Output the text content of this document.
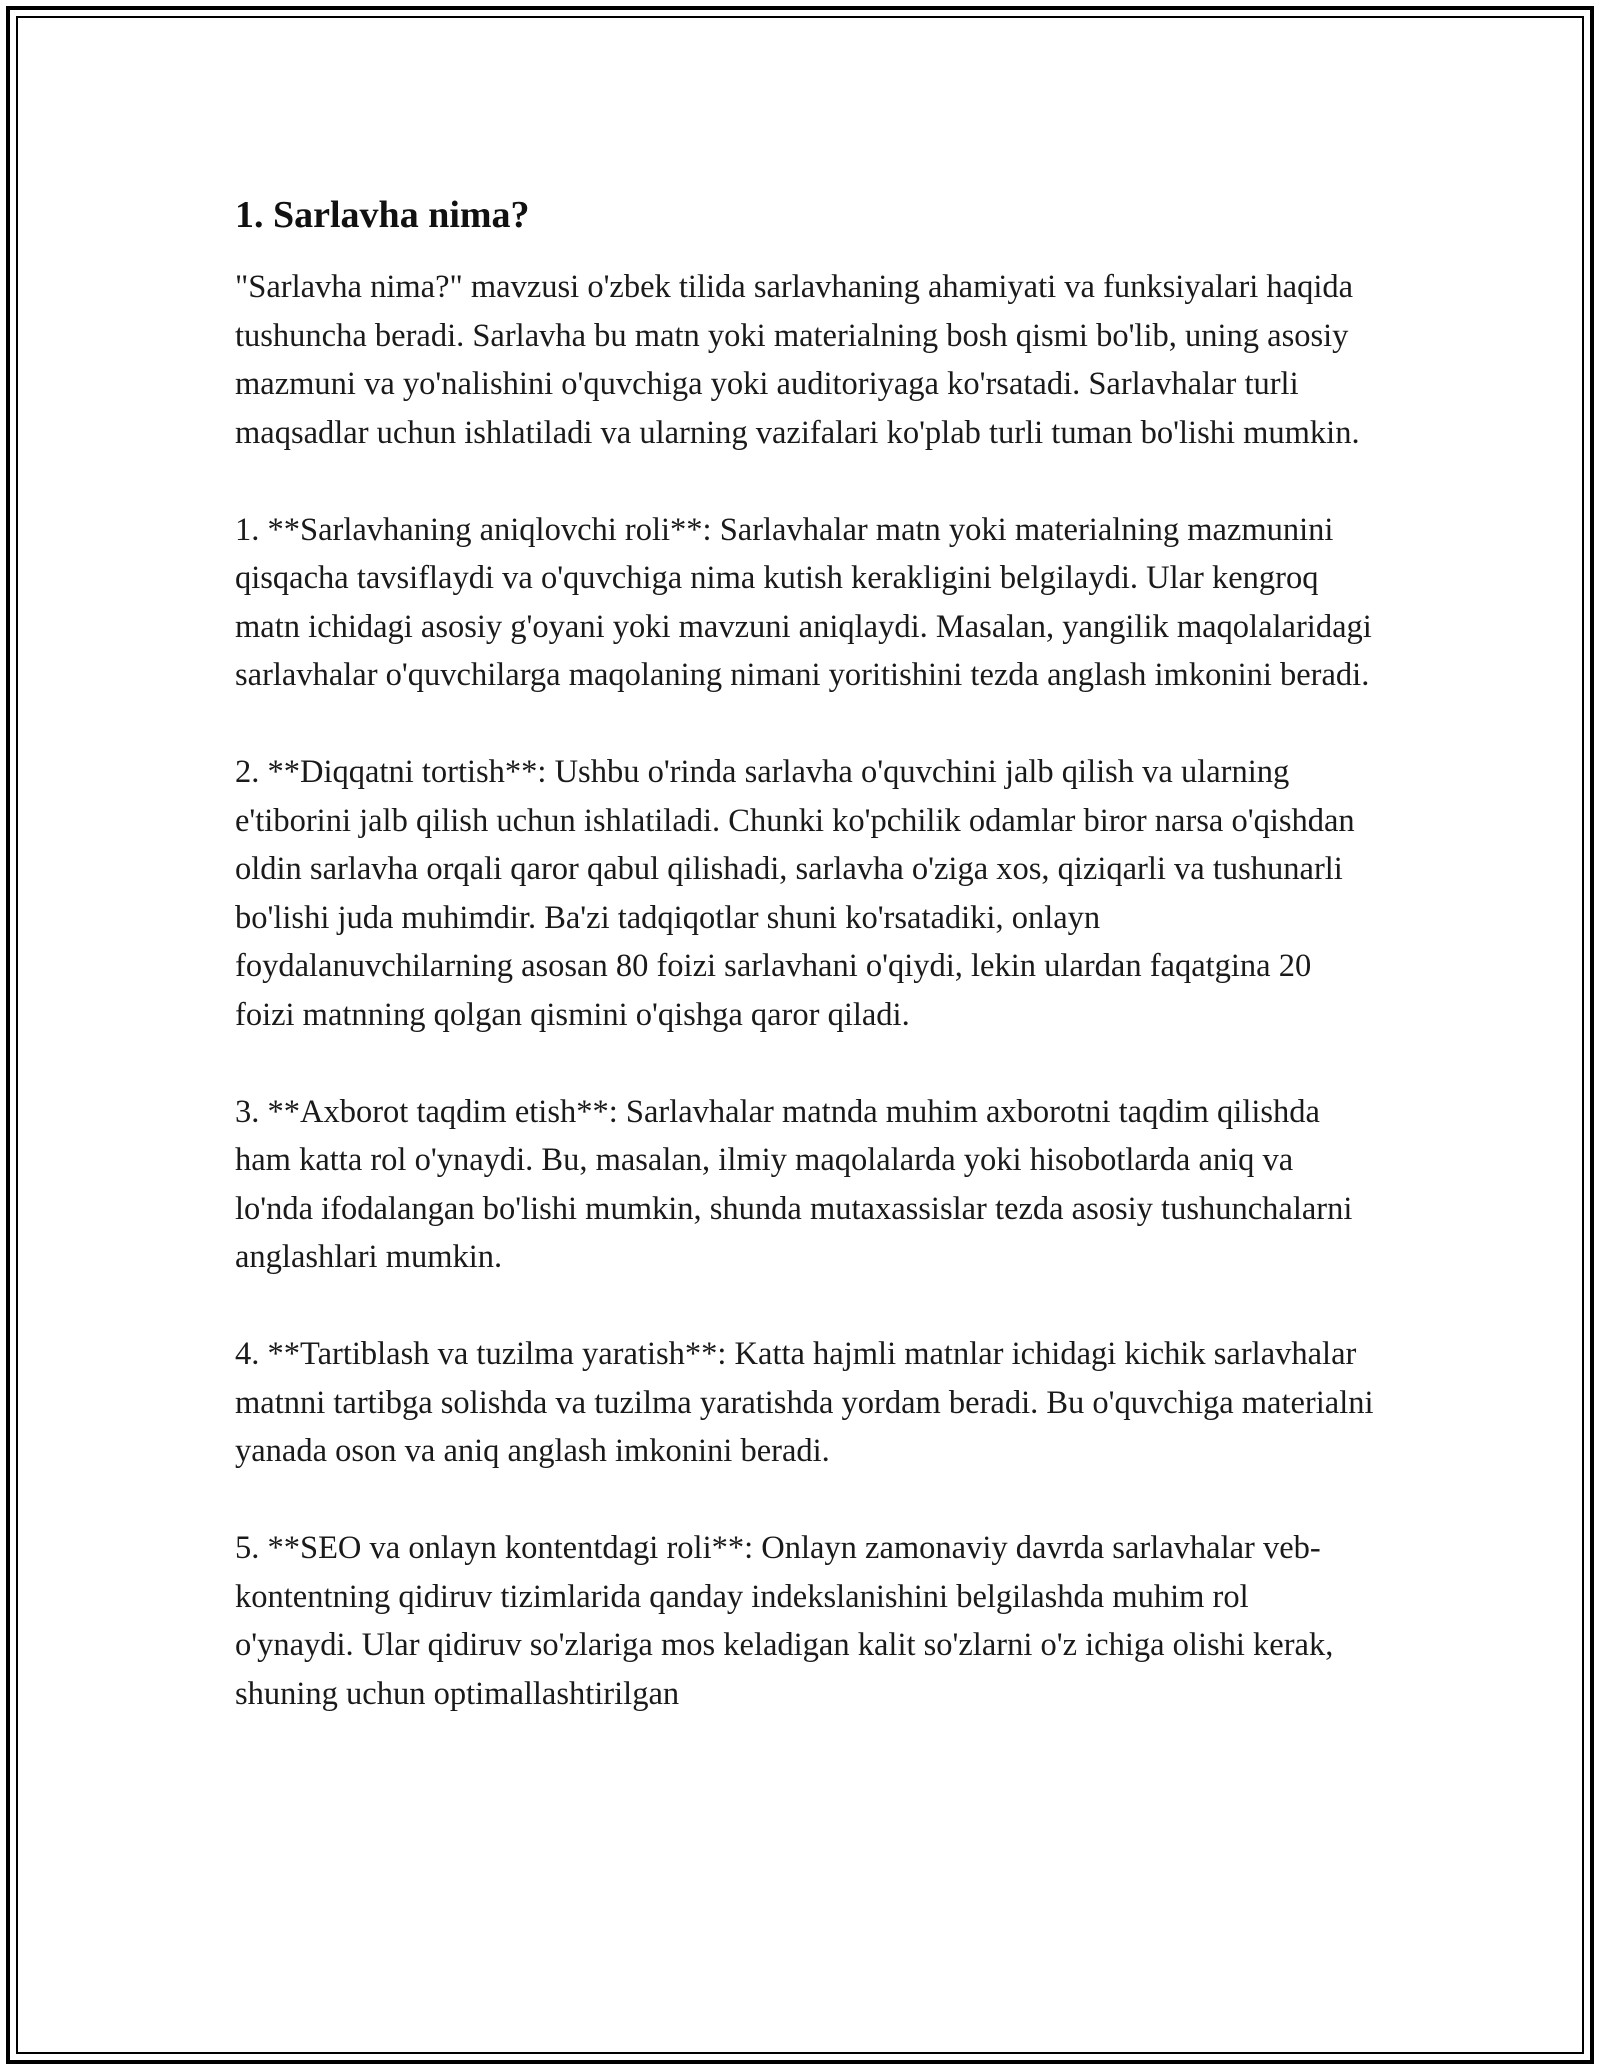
1. Sarlavha nima?

"Sarlavha nima?" mavzusi o'zbek tilida sarlavhaning ahamiyati va funksiyalari haqida tushuncha beradi. Sarlavha bu matn yoki materialning bosh qismi bo'lib, uning asosiy mazmuni va yo'nalishini o'quvchiga yoki auditoriyaga ko'rsatadi. Sarlavhalar turli maqsadlar uchun ishlatiladi va ularning vazifalari ko'plab turli tuman bo'lishi mumkin.

1. **Sarlavhaning aniqlovchi roli**: Sarlavhalar matn yoki materialning mazmunini qisqacha tavsiflaydi va o'quvchiga nima kutish kerakligini belgilaydi. Ular kengroq matn ichidagi asosiy g'oyani yoki mavzuni aniqlaydi. Masalan, yangilik maqolalaridagi sarlavhalar o'quvchilarga maqolaning nimani yoritishini tezda anglash imkonini beradi.

2. **Diqqatni tortish**: Ushbu o'rinda sarlavha o'quvchini jalb qilish va ularning e'tiborini jalb qilish uchun ishlatiladi. Chunki ko'pchilik odamlar biror narsa o'qishdan oldin sarlavha orqali qaror qabul qilishadi, sarlavha o'ziga xos, qiziqarli va tushunarli bo'lishi juda muhimdir. Ba'zi tadqiqotlar shuni ko'rsatadiki, onlayn foydalanuvchilarning asosan 80 foizi sarlavhani o'qiydi, lekin ulardan faqatgina 20 foizi matnning qolgan qismini o'qishga qaror qiladi.

3. **Axborot taqdim etish**: Sarlavhalar matnda muhim axborotni taqdim qilishda ham katta rol o'ynaydi. Bu, masalan, ilmiy maqolalarda yoki hisobotlarda aniq va lo'nda ifodalangan bo'lishi mumkin, shunda mutaxassislar tezda asosiy tushunchalarni anglashlari mumkin.

4. **Tartiblash va tuzilma yaratish**: Katta hajmli matnlar ichidagi kichik sarlavhalar matnni tartibga solishda va tuzilma yaratishda yordam beradi. Bu o'quvchiga materialni yanada oson va aniq anglash imkonini beradi.

5. **SEO va onlayn kontentdagi roli**: Onlayn zamonaviy davrda sarlavhalar veb-kontentning qidiruv tizimlarida qanday indekslanishini belgilashda muhim rol o'ynaydi. Ular qidiruv so'zlariga mos keladigan kalit so'zlarni o'z ichiga olishi kerak, shuning uchun optimallashtirilgan
